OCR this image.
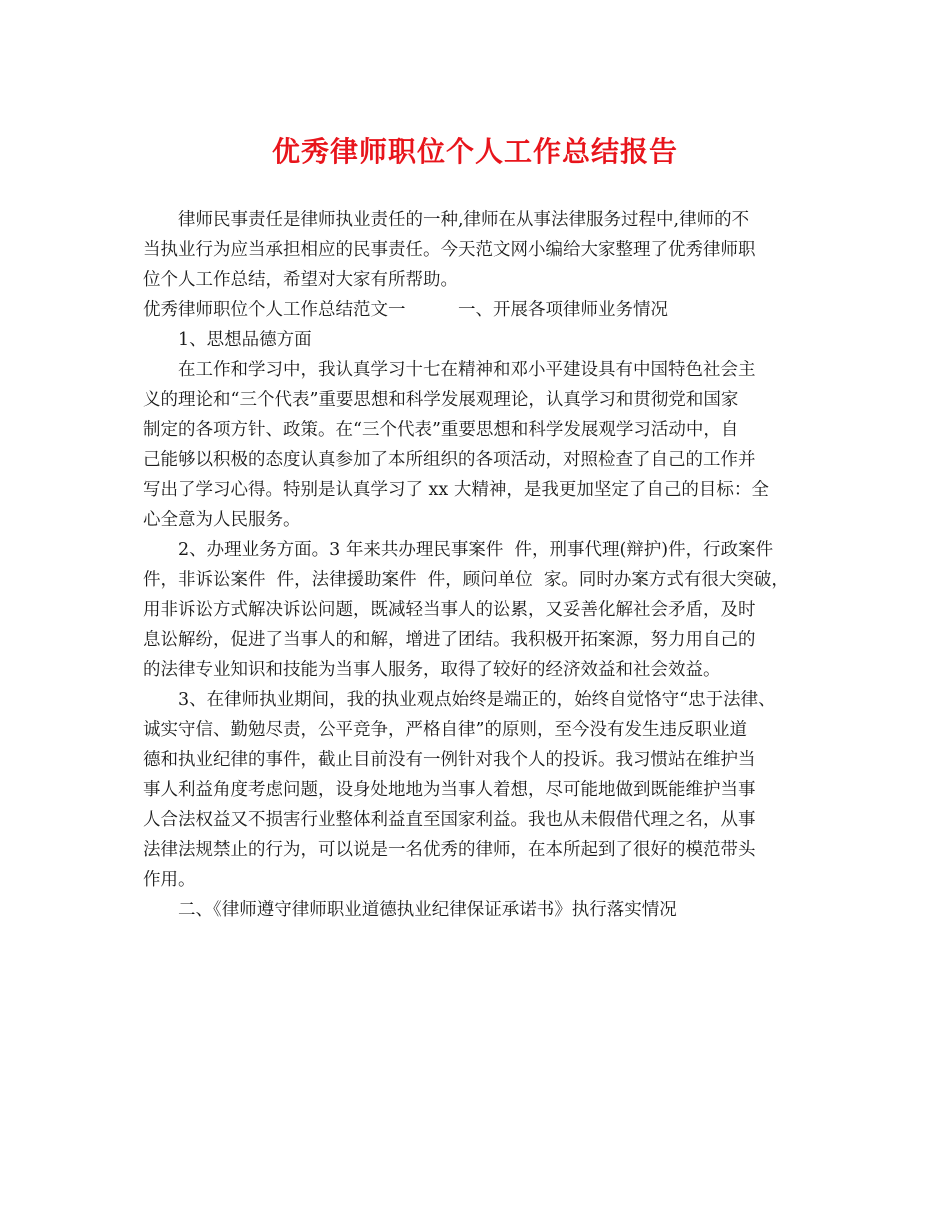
优秀律师职位个人工作总结报告
　　律师民事责任是律师执业责任的一种,律师在从事法律服务过程中,律师的不
当执业行为应当承担相应的民事责任。今天范文网小编给大家整理了优秀律师职
位个人工作总结，希望对大家有所帮助。
优秀律师职位个人工作总结范文一　　　一、开展各项律师业务情况
　　1、思想品德方面
　　在工作和学习中，我认真学习十七在精神和邓小平建设具有中国特色社会主
义的理论和“三个代表”重要思想和科学发展观理论，认真学习和贯彻党和国家
制定的各项方针、政策。在“三个代表”重要思想和科学发展观学习活动中，自
己能够以积极的态度认真参加了本所组织的各项活动，对照检查了自己的工作并
写出了学习心得。特别是认真学习了 xx 大精神，是我更加坚定了自己的目标：全
心全意为人民服务。
　　2、办理业务方面。3 年来共办理民事案件  件，刑事代理(辩护)件，行政案件
件，非诉讼案件  件，法律援助案件  件，顾问单位  家。同时办案方式有很大突破，
用非诉讼方式解决诉讼问题，既减轻当事人的讼累，又妥善化解社会矛盾，及时
息讼解纷，促进了当事人的和解，增进了团结。我积极开拓案源，努力用自己的
的法律专业知识和技能为当事人服务，取得了较好的经济效益和社会效益。
　　3、在律师执业期间，我的执业观点始终是端正的，始终自觉恪守“忠于法律、
诚实守信、勤勉尽责，公平竞争，严格自律”的原则，至今没有发生违反职业道
德和执业纪律的事件，截止目前没有一例针对我个人的投诉。我习惯站在维护当
事人利益角度考虑问题，设身处地地为当事人着想，尽可能地做到既能维护当事
人合法权益又不损害行业整体利益直至国家利益。我也从未假借代理之名，从事
法律法规禁止的行为，可以说是一名优秀的律师，在本所起到了很好的模范带头
作用。
　　二、《律师遵守律师职业道德执业纪律保证承诺书》执行落实情况
